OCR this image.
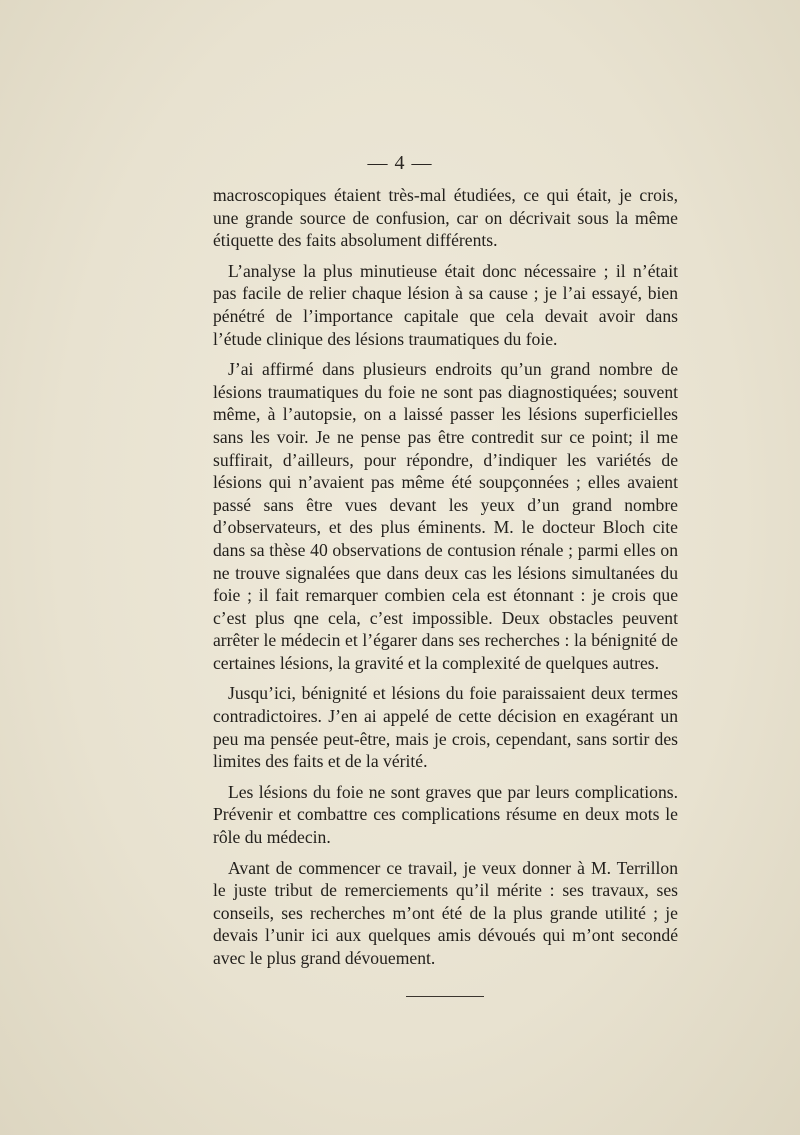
— 4 —

macroscopiques étaient très-mal étudiées, ce qui était, je crois, une grande source de confusion, car on décrivait sous la même étiquette des faits absolument différents.

L’analyse la plus minutieuse était donc nécessaire ; il n’était pas facile de relier chaque lésion à sa cause ; je l’ai essayé, bien pénétré de l’importance capitale que cela devait avoir dans l’étude clinique des lésions traumatiques du foie.

J’ai affirmé dans plusieurs endroits qu’un grand nombre de lésions traumatiques du foie ne sont pas diagnostiquées; souvent même, à l’autopsie, on a laissé passer les lésions superficielles sans les voir. Je ne pense pas être contredit sur ce point; il me suffirait, d’ailleurs, pour répondre, d’indiquer les variétés de lésions qui n’avaient pas même été soupçonnées ; elles avaient passé sans être vues devant les yeux d’un grand nombre d’observateurs, et des plus éminents. M. le docteur Bloch cite dans sa thèse 40 observations de contusion rénale ; parmi elles on ne trouve signalées que dans deux cas les lésions simultanées du foie ; il fait remarquer combien cela est étonnant : je crois que c’est plus qne cela, c’est impossible. Deux obstacles peuvent arrêter le médecin et l’égarer dans ses recherches : la bénignité de certaines lésions, la gravité et la complexité de quelques autres.

Jusqu’ici, bénignité et lésions du foie paraissaient deux termes contradictoires. J’en ai appelé de cette décision en exagérant un peu ma pensée peut-être, mais je crois, cependant, sans sortir des limites des faits et de la vérité.

Les lésions du foie ne sont graves que par leurs complications. Prévenir et combattre ces complications résume en deux mots le rôle du médecin.

Avant de commencer ce travail, je veux donner à M. Terrillon le juste tribut de remerciements qu’il mérite : ses travaux, ses conseils, ses recherches m’ont été de la plus grande utilité ; je devais l’unir ici aux quelques amis dévoués qui m’ont secondé avec le plus grand dévouement.
